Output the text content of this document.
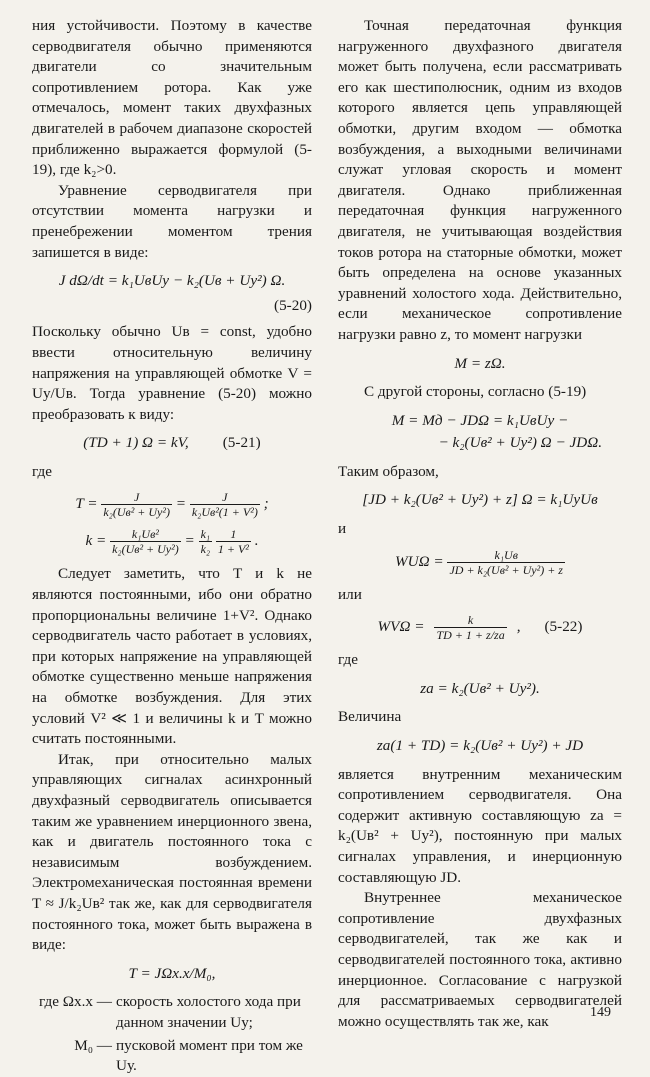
ния устойчивости. Поэтому в качестве серводвигателя обычно применяются двигатели со значительным сопротивлением ротора. Как уже отмечалось, момент таких двухфазных двигателей в рабочем диапазоне скоростей приближенно выражается формулой (5-19), где k₂>0.

Уравнение серводвигателя при отсутствии момента нагрузки и пренебрежении моментом трения запишется в виде:

J dΩ/dt = k₁UвUу − k₂(Uв + Uу²) Ω.
(5-20)

Поскольку обычно Uв = const, удобно ввести относительную величину напряжения на управляющей обмотке V = Uу/Uв. Тогда уравнение (5-20) можно преобразовать к виду:

(TD + 1) Ω = kV, (5-21)

где

$T = \frac{J}{\text{k₂(Uв² + Uу²)}} = \frac{J}{\text{k₂Uв²(1 + V²)}}$ ;
$k = \frac{\text{k₁Uв²}}{\text{k₂(Uв² + Uу²)}} = \frac{\text{k₁}}{\text{k₂}}$
$\frac{1}{\text{1 + V²}}$ .

Следует заметить, что T и k не являются постоянными, ибо они обратно пропорциональны величине 1+V². Однако серводвигатель часто работает в условиях, при которых напряжение на управляющей обмотке существенно меньше напряжения на обмотке возбуждения. Для этих условий V² ≪ 1 и величины k и T можно считать постоянными.

Итак, при относительно малых управляющих сигналах асинхронный двухфазный серводвигатель описывается таким же уравнением инерционного звена, как и двигатель постоянного тока с независимым возбуждением. Электромеханическая постоянная времени T ≈ J/k₂Uв² так же, как для серводвигателя постоянного тока, может быть выражена в виде:

T = JΩх.х/M₀,
где Ωх.х — скорость холостого хода при данном значении Uу;
M₀ — пусковой момент при том же Uу.

Точная передаточная функция нагруженного двухфазного двигателя может быть получена, если рассматривать его как шестиполюсник, одним из входов которого является цепь управляющей обмотки, другим входом — обмотка возбуждения, а выходными величинами служат угловая скорость и момент двигателя. Однако приближенная передаточная функция нагруженного двигателя, не учитывающая воздействия токов ротора на статорные обмотки, может быть определена на основе указанных уравнений холостого хода. Действительно, если механическое сопротивление нагрузки равно z, то момент нагрузки

M = zΩ.

С другой стороны, согласно (5-19)

M = Mд − JDΩ = k₁UвUу −
− k₂(Uв² + Uу²) Ω − JDΩ.

Таким образом,

[JD + k₂(Uв² + Uу²) + z] Ω = k₁UуUв

и

$WU\Omega = \frac{\text{k₁Uв}}{\text{JD + k₂(Uв² + Uу²) + z}}$

или

$WV\Omega = \frac{k}{TD + 1 + z/zа}$ , (5-22)

где

zа = k₂(Uв² + Uу²).

Величина

zа(1 + TD) = k₂(Uв² + Uу²) + JD

является внутренним механическим сопротивлением серводвигателя. Она содержит активную составляющую zа = k₂(Uв² + Uу²), постоянную при малых сигналах управления, и инерционную составляющую JD.

Внутреннее механическое сопротивление двухфазных серводвигателей, так же как и серводвигателей постоянного тока, активно инерционное. Согласование с нагрузкой для рассматриваемых серводвигателей можно осуществлять так же, как

149
